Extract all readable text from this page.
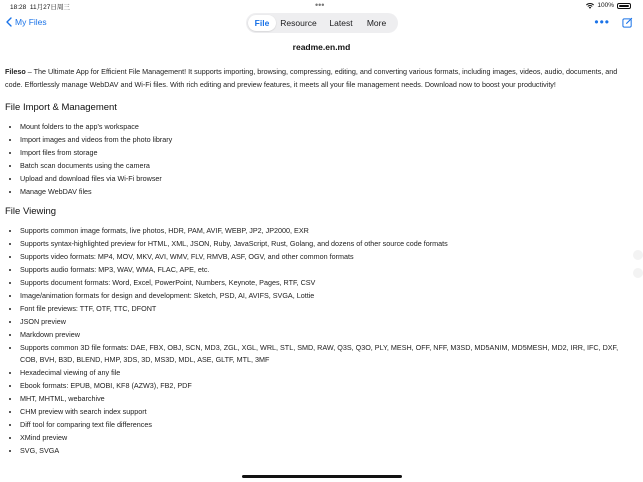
18:28 11月27日周三	•••	100%
My Files	File	Resource	Latest	More	•••
readme.en.md

Fileso – The Ultimate App for Efficient File Management! It supports importing, browsing, compressing, editing, and converting various formats, including images, videos, audio, documents, and code. Effortlessly manage WebDAV and Wi-Fi files. With rich editing and preview features, it meets all your file management needs. Download now to boost your productivity!

File Import & Management
• Mount folders to the app's workspace
• Import images and videos from the photo library
• Import files from storage
• Batch scan documents using the camera
• Upload and download files via Wi-Fi browser
• Manage WebDAV files
File Viewing
• Supports common image formats, live photos, HDR, PAM, AVIF, WEBP, JP2, JP2000, EXR
• Supports syntax-highlighted preview for HTML, XML, JSON, Ruby, JavaScript, Rust, Golang, and dozens of other source code formats
• Supports video formats: MP4, MOV, MKV, AVI, WMV, FLV, RMVB, ASF, OGV, and other common formats
• Supports audio formats: MP3, WAV, WMA, FLAC, APE, etc.
• Supports document formats: Word, Excel, PowerPoint, Numbers, Keynote, Pages, RTF, CSV
• Image/animation formats for design and development: Sketch, PSD, AI, AVIFS, SVGA, Lottie
• Font file previews: TTF, OTF, TTC, DFONT
• JSON preview
• Markdown preview
• Supports common 3D file formats: DAE, FBX, OBJ, SCN, MD3, ZGL, XGL, WRL, STL, SMD, RAW, Q3S, Q3O, PLY, MESH, OFF, NFF, M3SD, MD5ANIM, MD5MESH, MD2, IRR, IFC, DXF, COB, BVH, B3D, BLEND, HMP, 3DS, 3D, MS3D, MDL, ASE, GLTF, MTL, 3MF
• Hexadecimal viewing of any file
• Ebook formats: EPUB, MOBI, KF8 (AZW3), FB2, PDF
• MHT, MHTML, webarchive
• CHM preview with search index support
• Diff tool for comparing text file differences
• XMind preview
• SVG, SVGA
